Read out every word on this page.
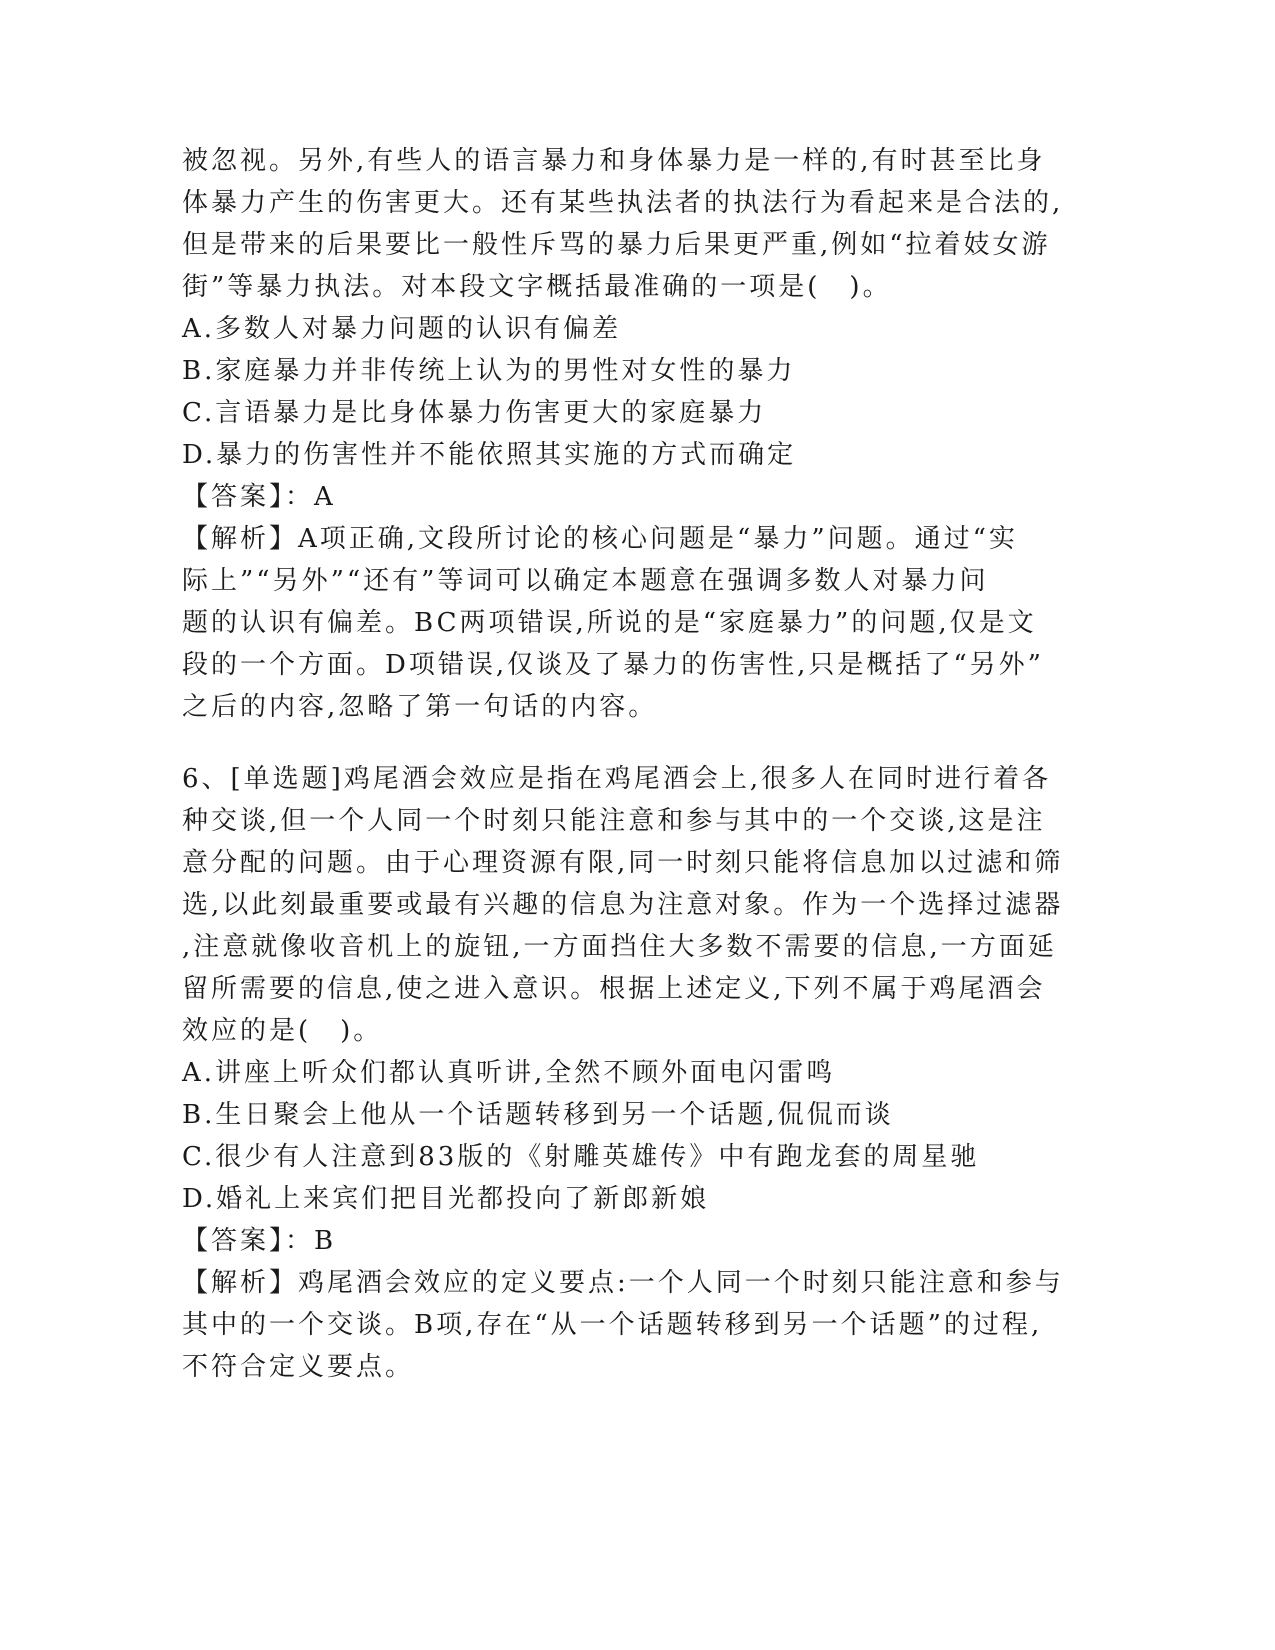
被忽视。另外,有些人的语言暴力和身体暴力是一样的,有时甚至比身
体暴力产生的伤害更大。还有某些执法者的执法行为看起来是合法的,
但是带来的后果要比一般性斥骂的暴力后果更严重,例如“拉着妓女游
街”等暴力执法。对本段文字概括最准确的一项是(　)。
A.多数人对暴力问题的认识有偏差
B.家庭暴力并非传统上认为的男性对女性的暴力
C.言语暴力是比身体暴力伤害更大的家庭暴力
D.暴力的伤害性并不能依照其实施的方式而确定
【答案】：A
【解析】A项正确,文段所讨论的核心问题是“暴力”问题。通过“实
际上”“另外”“还有”等词可以确定本题意在强调多数人对暴力问
题的认识有偏差。BC两项错误,所说的是“家庭暴力”的问题,仅是文
段的一个方面。D项错误,仅谈及了暴力的伤害性,只是概括了“另外”
之后的内容,忽略了第一句话的内容。
6、[单选题]鸡尾酒会效应是指在鸡尾酒会上,很多人在同时进行着各
种交谈,但一个人同一个时刻只能注意和参与其中的一个交谈,这是注
意分配的问题。由于心理资源有限,同一时刻只能将信息加以过滤和筛
选,以此刻最重要或最有兴趣的信息为注意对象。作为一个选择过滤器
,注意就像收音机上的旋钮,一方面挡住大多数不需要的信息,一方面延
留所需要的信息,使之进入意识。根据上述定义,下列不属于鸡尾酒会
效应的是(　)。
A.讲座上听众们都认真听讲,全然不顾外面电闪雷鸣
B.生日聚会上他从一个话题转移到另一个话题,侃侃而谈
C.很少有人注意到83版的《射雕英雄传》中有跑龙套的周星驰
D.婚礼上来宾们把目光都投向了新郎新娘
【答案】：B
【解析】鸡尾酒会效应的定义要点:一个人同一个时刻只能注意和参与
其中的一个交谈。B项,存在“从一个话题转移到另一个话题”的过程,
不符合定义要点。
